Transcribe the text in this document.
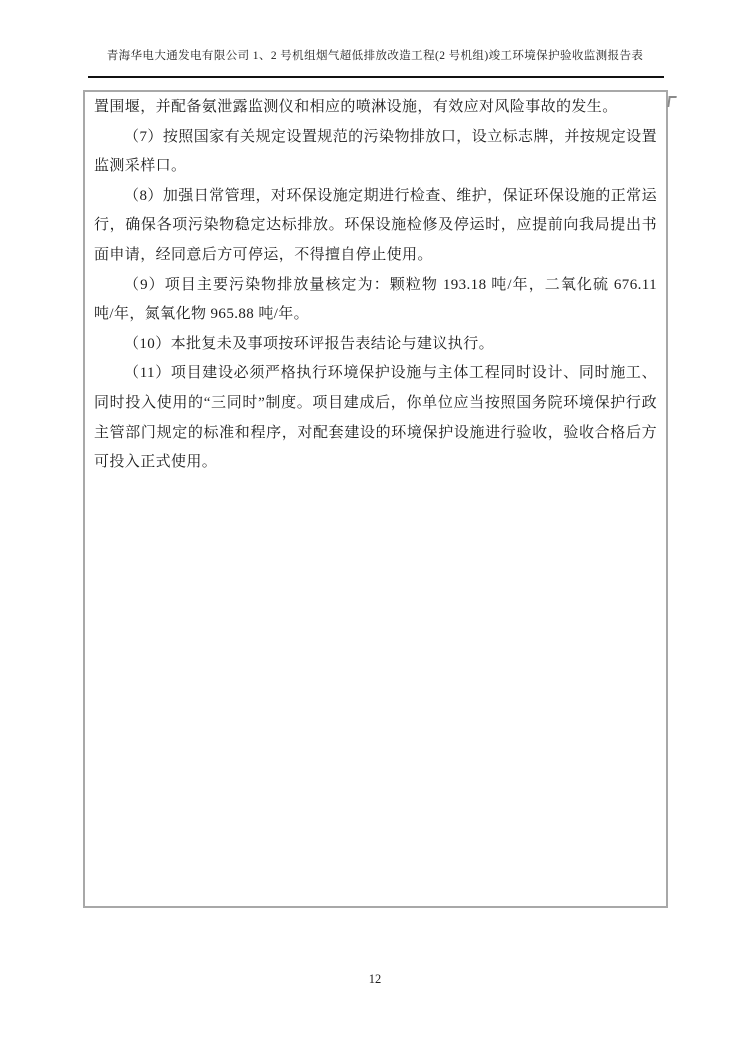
青海华电大通发电有限公司 1、2 号机组烟气超低排放改造工程(2 号机组)竣工环境保护验收监测报告表

置围堰，并配备氨泄露监测仪和相应的喷淋设施，有效应对风险事故的发生。

（7）按照国家有关规定设置规范的污染物排放口，设立标志牌，并按规定设置监测采样口。

（8）加强日常管理，对环保设施定期进行检查、维护，保证环保设施的正常运行，确保各项污染物稳定达标排放。环保设施检修及停运时，应提前向我局提出书面申请，经同意后方可停运，不得擅自停止使用。

（9）项目主要污染物排放量核定为：颗粒物 193.18 吨/年，二氧化硫 676.11 吨/年，氮氧化物 965.88 吨/年。

（10）本批复未及事项按环评报告表结论与建议执行。

（11）项目建设必须严格执行环境保护设施与主体工程同时设计、同时施工、同时投入使用的“三同时”制度。项目建成后，你单位应当按照国务院环境保护行政主管部门规定的标准和程序，对配套建设的环境保护设施进行验收，验收合格后方可投入正式使用。

12
